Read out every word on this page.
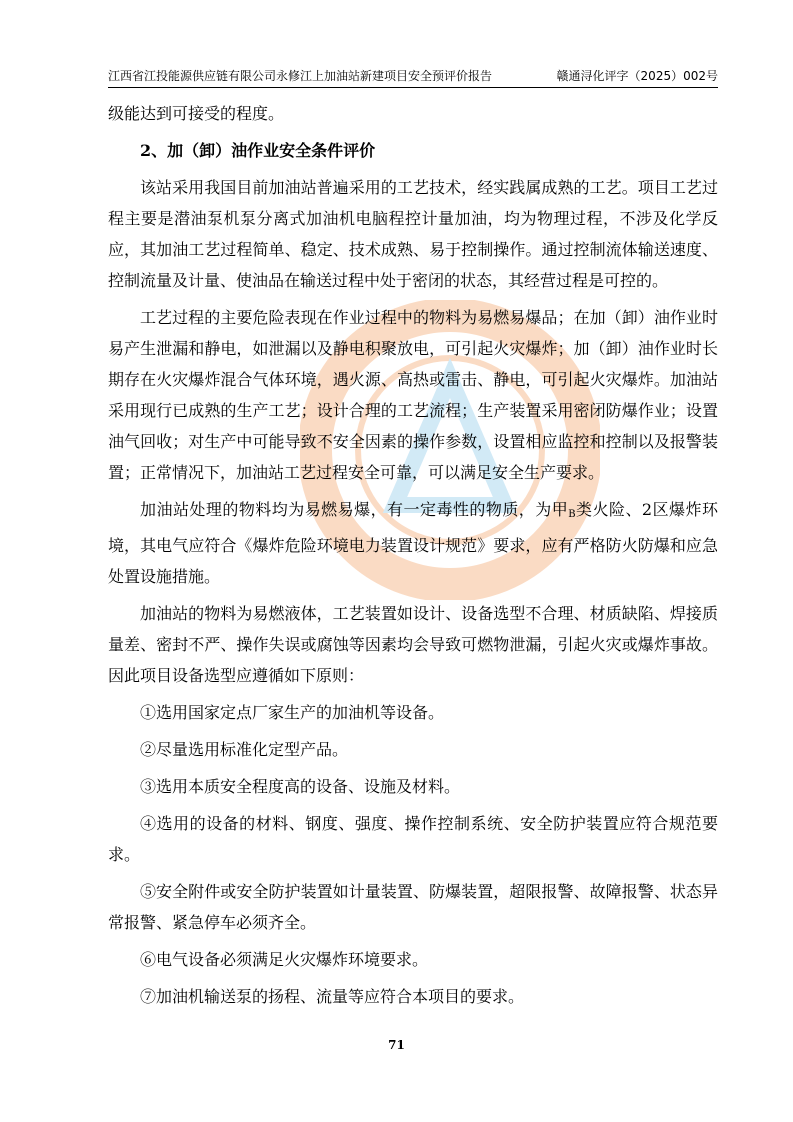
江西省江投能源供应链有限公司永修江上加油站新建项目安全预评价报告	赣通浔化评字（2025）002号

级能达到可接受的程度。

2、加（卸）油作业安全条件评价

该站采用我国目前加油站普遍采用的工艺技术，经实践属成熟的工艺。项目工艺过程主要是潜油泵机泵分离式加油机电脑程控计量加油，均为物理过程，不涉及化学反应，其加油工艺过程简单、稳定、技术成熟、易于控制操作。通过控制流体输送速度、控制流量及计量、使油品在输送过程中处于密闭的状态，其经营过程是可控的。

工艺过程的主要危险表现在作业过程中的物料为易燃易爆品；在加（卸）油作业时易产生泄漏和静电，如泄漏以及静电积聚放电，可引起火灾爆炸；加（卸）油作业时长期存在火灾爆炸混合气体环境，遇火源、高热或雷击、静电，可引起火灾爆炸。加油站采用现行已成熟的生产工艺；设计合理的工艺流程；生产装置采用密闭防爆作业；设置油气回收；对生产中可能导致不安全因素的操作参数，设置相应监控和控制以及报警装置；正常情况下，加油站工艺过程安全可靠，可以满足安全生产要求。

加油站处理的物料均为易燃易爆，有一定毒性的物质，为甲B类火险、2区爆炸环境，其电气应符合《爆炸危险环境电力装置设计规范》要求，应有严格防火防爆和应急处置设施措施。

加油站的物料为易燃液体，工艺装置如设计、设备选型不合理、材质缺陷、焊接质量差、密封不严、操作失误或腐蚀等因素均会导致可燃物泄漏，引起火灾或爆炸事故。因此项目设备选型应遵循如下原则：

①选用国家定点厂家生产的加油机等设备。

②尽量选用标准化定型产品。

③选用本质安全程度高的设备、设施及材料。

④选用的设备的材料、钢度、强度、操作控制系统、安全防护装置应符合规范要求。

⑤安全附件或安全防护装置如计量装置、防爆装置，超限报警、故障报警、状态异常报警、紧急停车必须齐全。

⑥电气设备必须满足火灾爆炸环境要求。

⑦加油机输送泵的扬程、流量等应符合本项目的要求。

71
